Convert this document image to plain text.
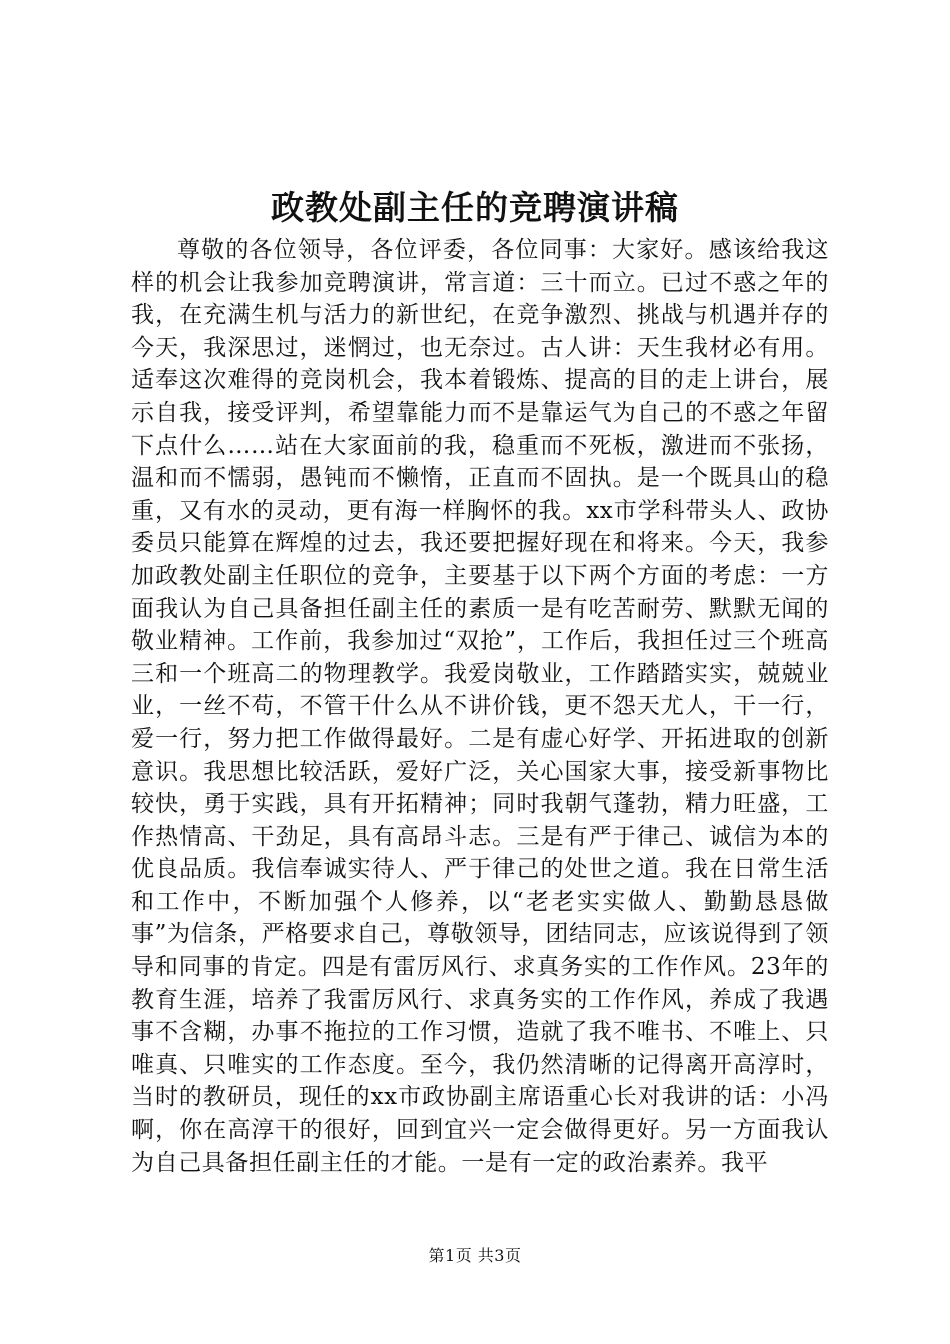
政教处副主任的竞聘演讲稿

尊敬的各位领导，各位评委，各位同事：大家好。感该给我这样的机会让我参加竞聘演讲，常言道：三十而立。已过不惑之年的我，在充满生机与活力的新世纪，在竞争激烈、挑战与机遇并存的今天，我深思过，迷惘过，也无奈过。古人讲：天生我材必有用。适奉这次难得的竞岗机会，我本着锻炼、提高的目的走上讲台，展示自我，接受评判，希望靠能力而不是靠运气为自己的不惑之年留下点什么……站在大家面前的我，稳重而不死板，激进而不张扬，温和而不懦弱，愚钝而不懒惰，正直而不固执。是一个既具山的稳重，又有水的灵动，更有海一样胸怀的我。xx市学科带头人、政协委员只能算在辉煌的过去，我还要把握好现在和将来。今天，我参加政教处副主任职位的竞争，主要基于以下两个方面的考虑：一方面我认为自己具备担任副主任的素质一是有吃苦耐劳、默默无闻的敬业精神。工作前，我参加过“双抢”，工作后，我担任过三个班高三和一个班高二的物理教学。我爱岗敬业，工作踏踏实实，兢兢业业，一丝不苟，不管干什么从不讲价钱，更不怨天尤人，干一行，爱一行，努力把工作做得最好。二是有虚心好学、开拓进取的创新意识。我思想比较活跃，爱好广泛，关心国家大事，接受新事物比较快，勇于实践，具有开拓精神；同时我朝气蓬勃，精力旺盛，工作热情高、干劲足，具有高昂斗志。三是有严于律己、诚信为本的优良品质。我信奉诚实待人、严于律己的处世之道。我在日常生活和工作中，不断加强个人修养，以“老老实实做人、勤勤恳恳做事”为信条，严格要求自己，尊敬领导，团结同志，应该说得到了领导和同事的肯定。四是有雷厉风行、求真务实的工作作风。23年的教育生涯，培养了我雷厉风行、求真务实的工作作风，养成了我遇事不含糊，办事不拖拉的工作习惯，造就了我不唯书、不唯上、只唯真、只唯实的工作态度。至今，我仍然清晰的记得离开高淳时，当时的教研员，现任的xx市政协副主席语重心长对我讲的话：小冯啊，你在高淳干的很好，回到宜兴一定会做得更好。另一方面我认为自己具备担任副主任的才能。一是有一定的政治素养。我平

第1页 共3页
